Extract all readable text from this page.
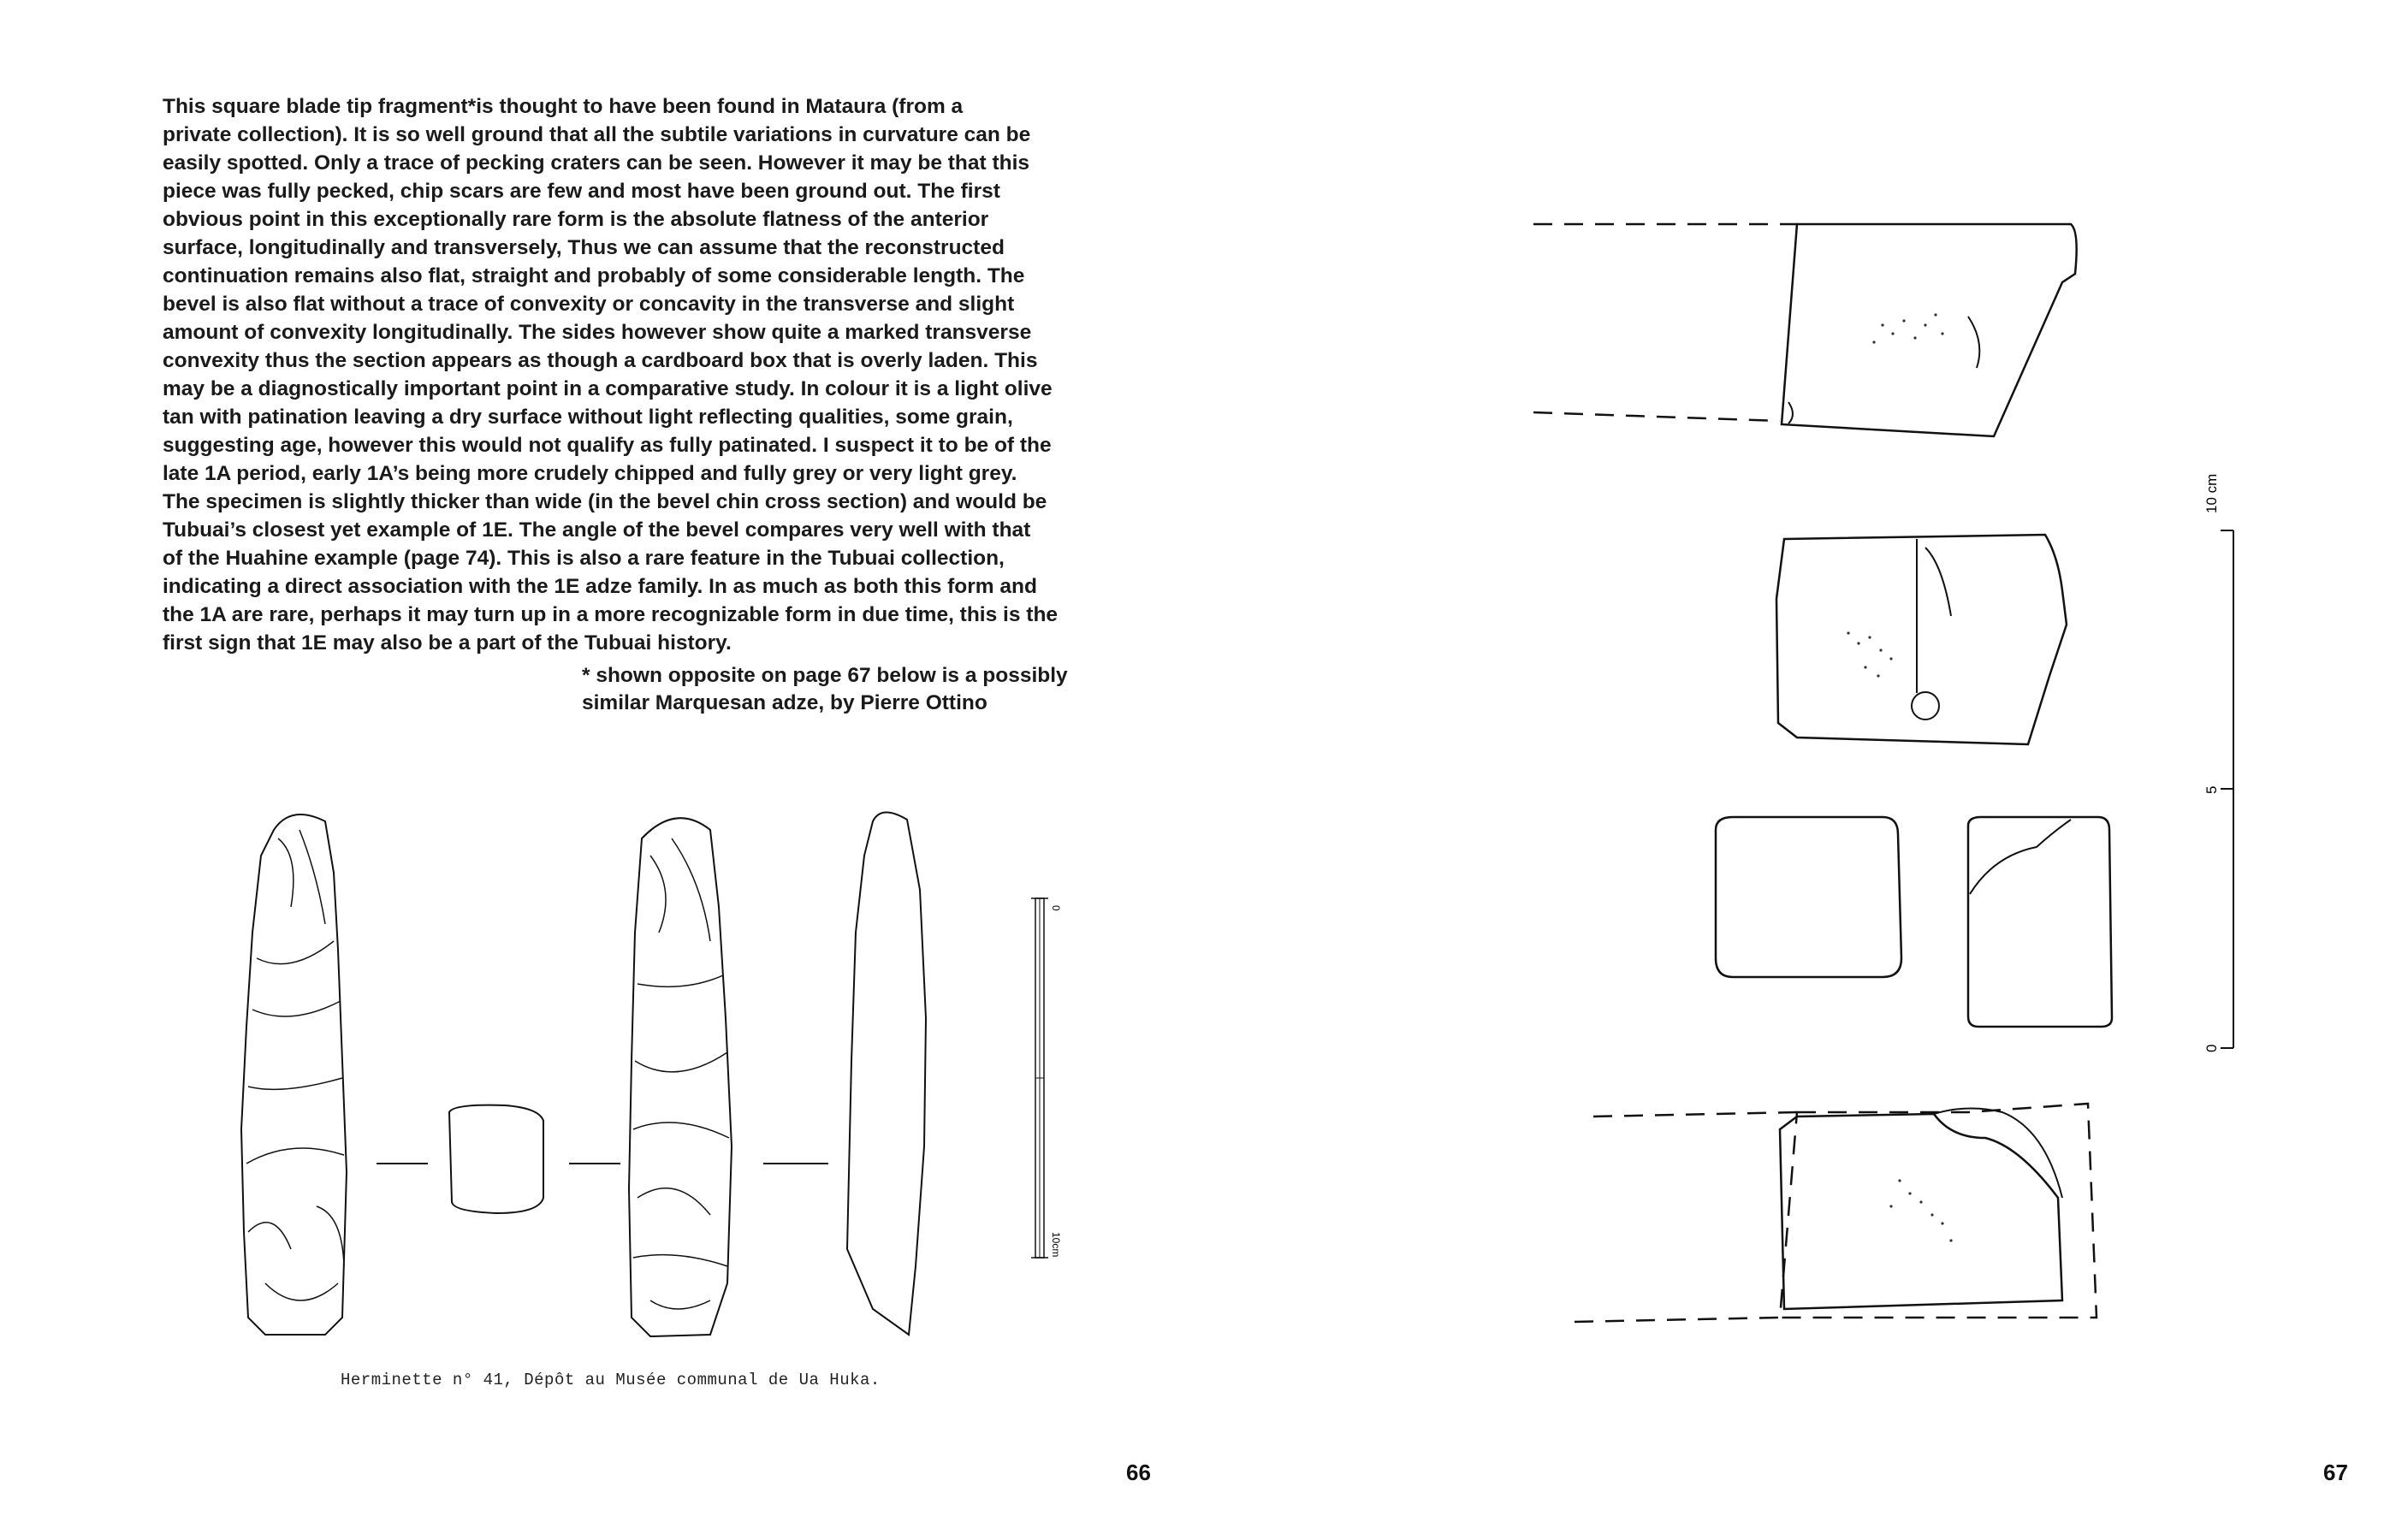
This square blade tip fragment*is thought to have been found in Mataura (from a
private collection). It is so well ground that all the subtile variations in curvature can be
easily spotted. Only a trace of pecking craters can be seen. However it may be that this
piece was fully pecked, chip scars are few and most have been ground out. The first
obvious point in this exceptionally rare form is the absolute flatness of the anterior
surface, longitudinally and transversely, Thus we can assume that the reconstructed
continuation remains also flat, straight and probably of some considerable length. The
bevel is also flat without a trace of convexity or concavity in the transverse and slight
amount of convexity longitudinally. The sides however show quite a marked transverse
convexity thus the section appears as though a cardboard box that is overly laden. This
may be a diagnostically important point in a comparative study. In colour it is a light olive
tan with patination leaving a dry surface without light reflecting qualities, some grain,
suggesting age, however this would not qualify as fully patinated. I suspect it to be of the
late 1A period, early 1A’s being more crudely chipped and fully grey or very light grey.
The specimen is slightly thicker than wide (in the bevel chin cross section) and would be
Tubuai’s closest yet example of 1E. The angle of the bevel compares very well with that
of the Huahine example (page 74). This is also a rare feature in the Tubuai collection,
indicating a direct association with the 1E adze family. In as much as both this form and
the 1A are rare, perhaps it may turn up in a more recognizable form in due time, this is the
first sign that 1E may also be a part of the Tubuai history.

* shown opposite on page 67 below is a possibly
similar Marquesan adze, by Pierre Ottino

0
10cm
Herminette n° 41, Dépôt au Musée communal de Ua Huka.
66
10 cm
5
0
67
